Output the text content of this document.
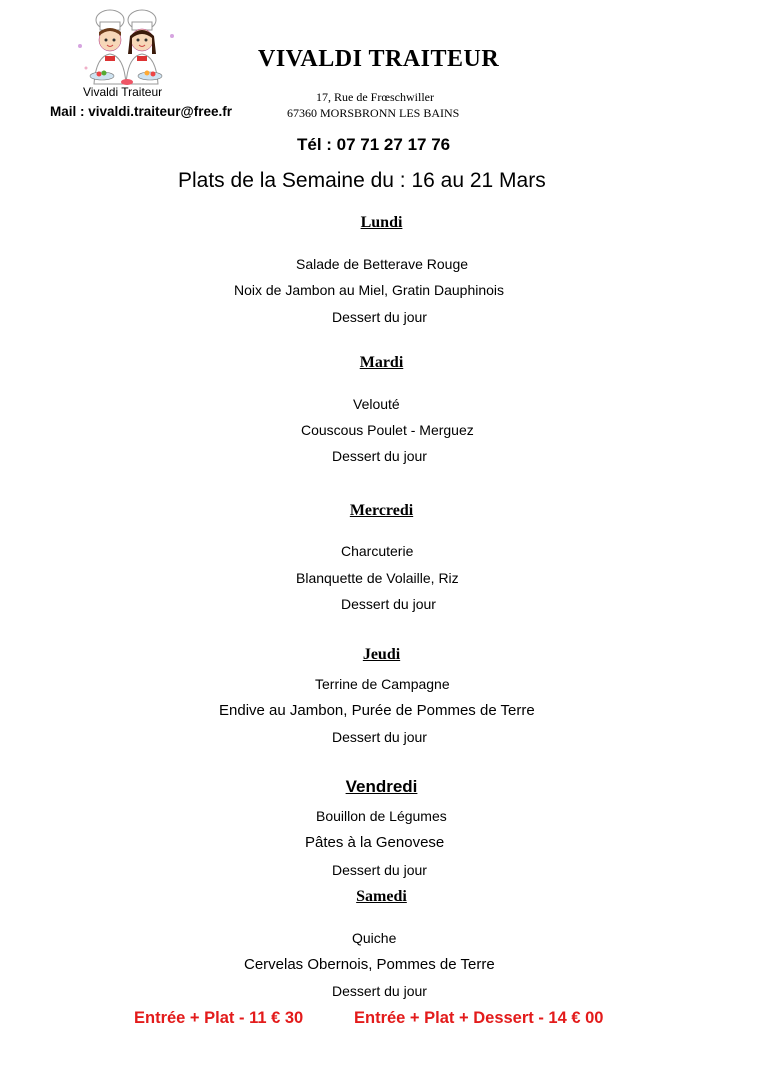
Vivaldi Traiteur
VIVALDI TRAITEUR
Mail : vivaldi.traiteur@free.fr
17, Rue de Frœschwiller
67360 MORSBRONN LES BAINS
Tél : 07 71 27 17 76
Plats de la Semaine du : 16 au 21 Mars
Lundi
Salade de Betterave Rouge
Noix de Jambon au Miel, Gratin Dauphinois
Dessert du jour
Mardi
Velouté
Couscous Poulet - Merguez
Dessert du jour
Mercredi
Charcuterie
Blanquette de Volaille, Riz
Dessert du jour
Jeudi
Terrine de Campagne
Endive au Jambon, Purée de Pommes de Terre
Dessert du jour
Vendredi
Bouillon de Légumes
Pâtes à la Genovese
Dessert du jour
Samedi
Quiche
Cervelas Obernois, Pommes de Terre
Dessert du jour
Entrée + Plat - 11 € 30	Entrée + Plat + Dessert - 14 € 00
